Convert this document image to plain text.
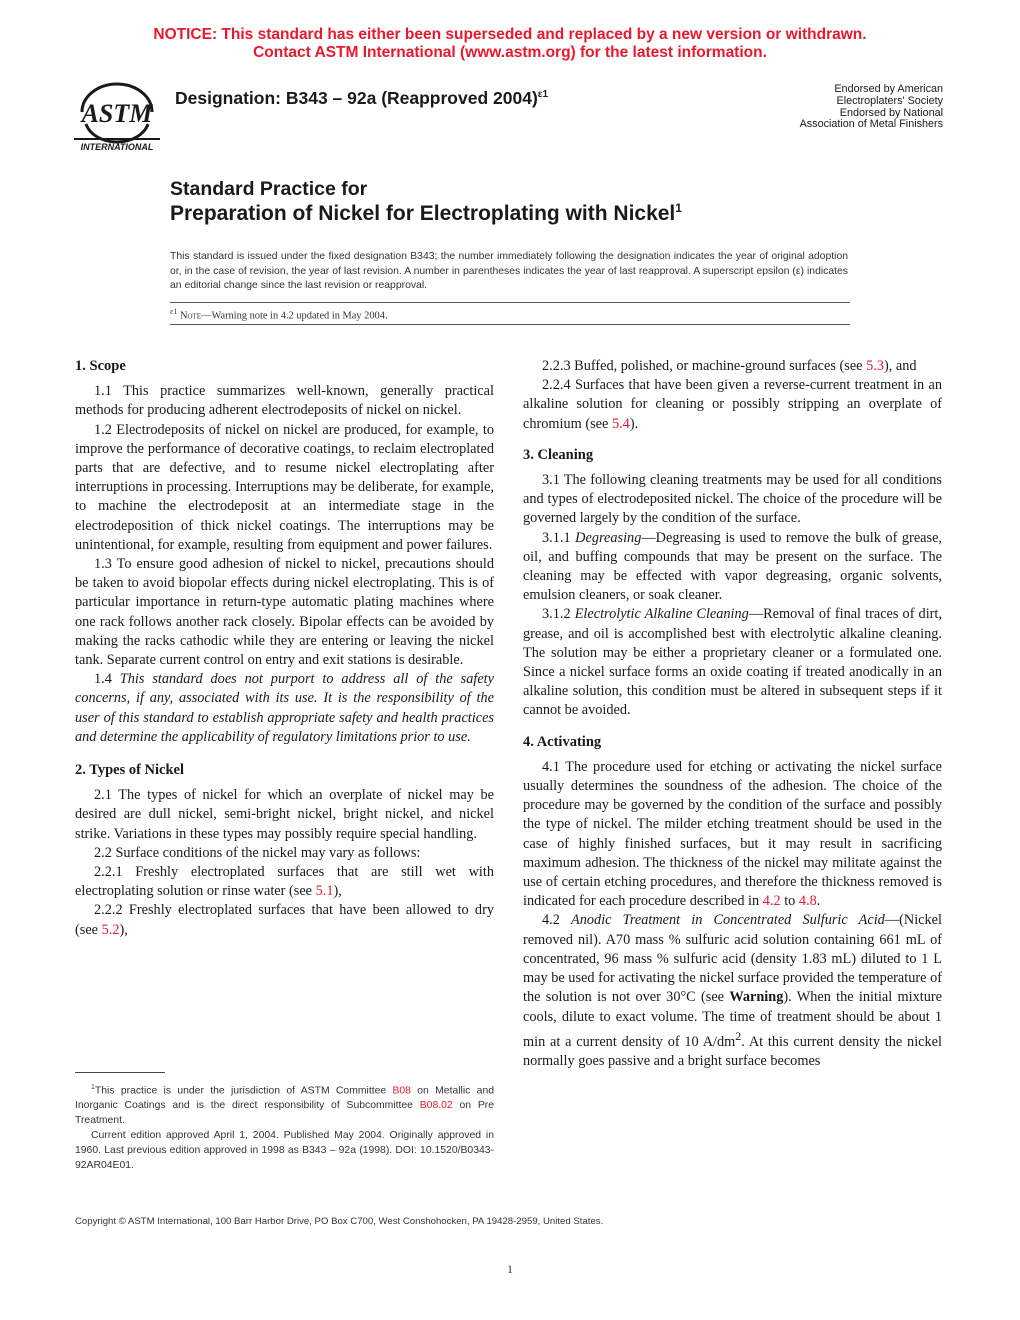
NOTICE: This standard has either been superseded and replaced by a new version or withdrawn.
Contact ASTM International (www.astm.org) for the latest information.
ASTM
INTERNATIONAL
Designation: B343 – 92a (Reapproved 2004)$^{\varepsilon 1}$	Endorsed by American
Electroplaters' Society
Endorsed by National
Association of Metal Finishers
Standard Practice for
Preparation of Nickel for Electroplating with Nickel$^1$
This standard is issued under the fixed designation B343; the number immediately following the designation indicates the year of original adoption or, in the case of revision, the year of last revision. A number in parentheses indicates the year of last reapproval. A superscript epsilon (ε) indicates an editorial change since the last revision or reapproval.
$^{\varepsilon 1}$ Note—Warning note in 4.2 updated in May 2004.
1. Scope

1.1 This practice summarizes well-known, generally practical methods for producing adherent electrodeposits of nickel on nickel.

1.2 Electrodeposits of nickel on nickel are produced, for example, to improve the performance of decorative coatings, to reclaim electroplated parts that are defective, and to resume nickel electroplating after interruptions in processing. Interruptions may be deliberate, for example, to machine the electrodeposit at an intermediate stage in the electrodeposition of thick nickel coatings. The interruptions may be unintentional, for example, resulting from equipment and power failures.

1.3 To ensure good adhesion of nickel to nickel, precautions should be taken to avoid biopolar effects during nickel electroplating. This is of particular importance in return-type automatic plating machines where one rack follows another rack closely. Bipolar effects can be avoided by making the racks cathodic while they are entering or leaving the nickel tank. Separate current control on entry and exit stations is desirable.

1.4 This standard does not purport to address all of the safety concerns, if any, associated with its use. It is the responsibility of the user of this standard to establish appropriate safety and health practices and determine the applicability of regulatory limitations prior to use.

2. Types of Nickel

2.1 The types of nickel for which an overplate of nickel may be desired are dull nickel, semi-bright nickel, bright nickel, and nickel strike. Variations in these types may possibly require special handling.

2.2 Surface conditions of the nickel may vary as follows:

2.2.1 Freshly electroplated surfaces that are still wet with electroplating solution or rinse water (see 5.1),

2.2.2 Freshly electroplated surfaces that have been allowed to dry (see 5.2),

2.2.3 Buffed, polished, or machine-ground surfaces (see 5.3), and

2.2.4 Surfaces that have been given a reverse-current treatment in an alkaline solution for cleaning or possibly stripping an overplate of chromium (see 5.4).

3. Cleaning

3.1 The following cleaning treatments may be used for all conditions and types of electrodeposited nickel. The choice of the procedure will be governed largely by the condition of the surface.

3.1.1 Degreasing—Degreasing is used to remove the bulk of grease, oil, and buffing compounds that may be present on the surface. The cleaning may be effected with vapor degreasing, organic solvents, emulsion cleaners, or soak cleaner.

3.1.2 Electrolytic Alkaline Cleaning—Removal of final traces of dirt, grease, and oil is accomplished best with electrolytic alkaline cleaning. The solution may be either a proprietary cleaner or a formulated one. Since a nickel surface forms an oxide coating if treated anodically in an alkaline solution, this condition must be altered in subsequent steps if it cannot be avoided.

4. Activating

4.1 The procedure used for etching or activating the nickel surface usually determines the soundness of the adhesion. The choice of the procedure may be governed by the condition of the surface and possibly the type of nickel. The milder etching treatment should be used in the case of highly finished surfaces, but it may result in sacrificing maximum adhesion. The thickness of the nickel may militate against the use of certain etching procedures, and therefore the thickness removed is indicated for each procedure described in 4.2 to 4.8.

4.2 Anodic Treatment in Concentrated Sulfuric Acid—(Nickel removed nil). A70 mass % sulfuric acid solution containing 661 mL of concentrated, 96 mass % sulfuric acid (density 1.83 mL) diluted to 1 L may be used for activating the nickel surface provided the temperature of the solution is not over 30°C (see Warning). When the initial mixture cools, dilute to exact volume. The time of treatment should be about 1 min at a current density of 10 $A/dm^2$. At this current density the nickel normally goes passive and a bright surface becomes

$^1$This practice is under the jurisdiction of ASTM Committee B08 on Metallic and Inorganic Coatings and is the direct responsibility of Subcommittee B08.02 on Pre Treatment.

Current edition approved April 1, 2004. Published May 2004. Originally approved in 1960. Last previous edition approved in 1998 as B343 – 92a (1998). DOI: 10.1520/B0343-92AR04E01.

Copyright © ASTM International, 100 Barr Harbor Drive, PO Box C700, West Conshohocken, PA 19428-2959, United States.
1
